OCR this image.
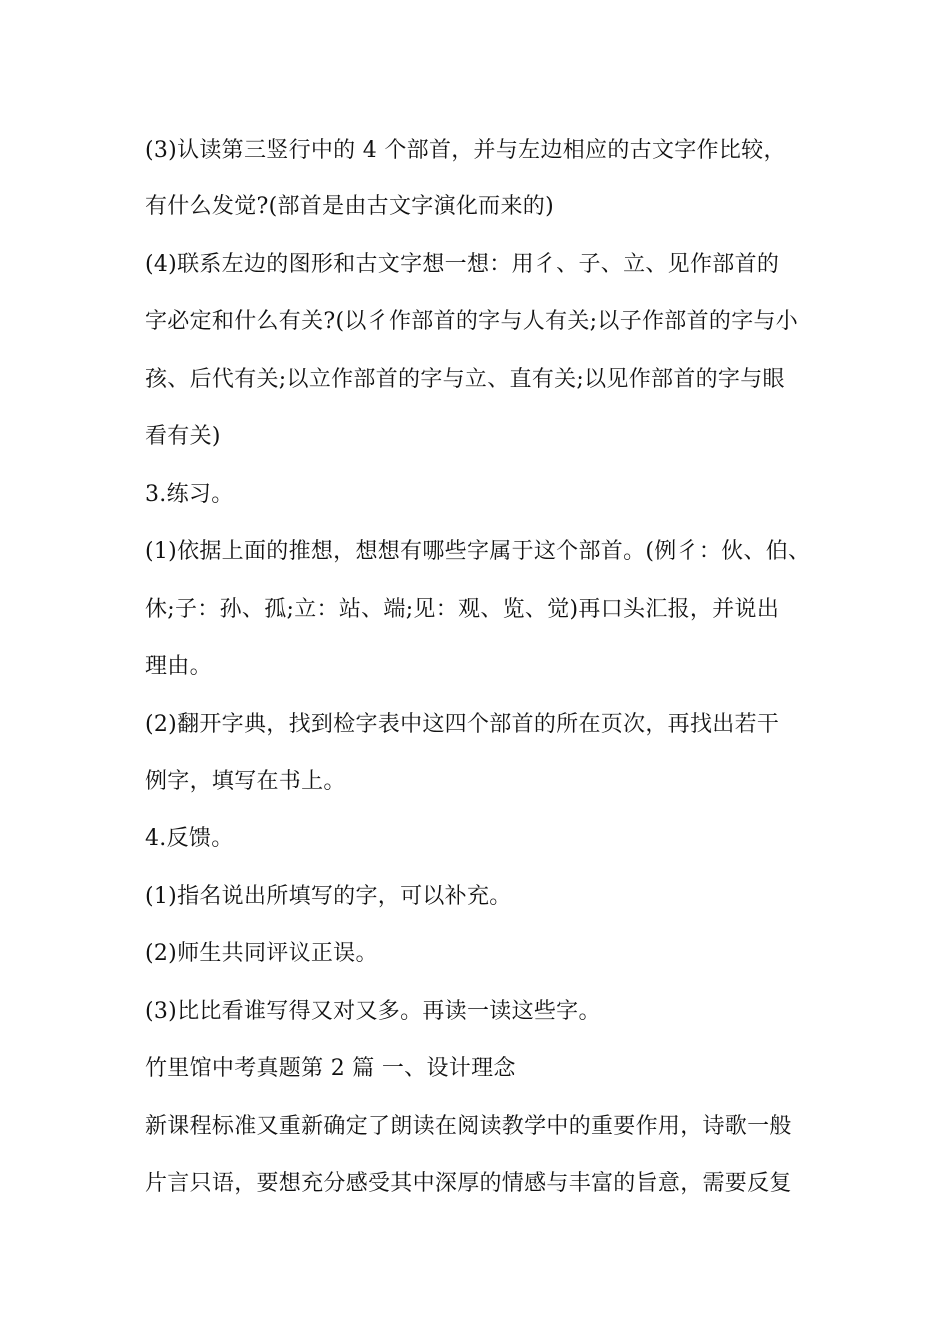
(3)认读第三竖行中的 4 个部首，并与左边相应的古文字作比较，
有什么发觉?(部首是由古文字演化而来的)
(4)联系左边的图形和古文字想一想：用彳、子、立、见作部首的
字必定和什么有关?(以彳作部首的字与人有关;以子作部首的字与小
孩、后代有关;以立作部首的字与立、直有关;以见作部首的字与眼
看有关)
3.练习。
(1)依据上面的推想，想想有哪些字属于这个部首。(例彳：伙、伯、
休;子：孙、孤;立：站、端;见：观、览、觉)再口头汇报，并说出
理由。
(2)翻开字典，找到检字表中这四个部首的所在页次，再找出若干
例字，填写在书上。
4.反馈。
(1)指名说出所填写的字，可以补充。
(2)师生共同评议正误。
(3)比比看谁写得又对又多。再读一读这些字。
竹里馆中考真题第 2 篇 一、设计理念
新课程标准又重新确定了朗读在阅读教学中的重要作用，诗歌一般
片言只语，要想充分感受其中深厚的情感与丰富的旨意，需要反复
